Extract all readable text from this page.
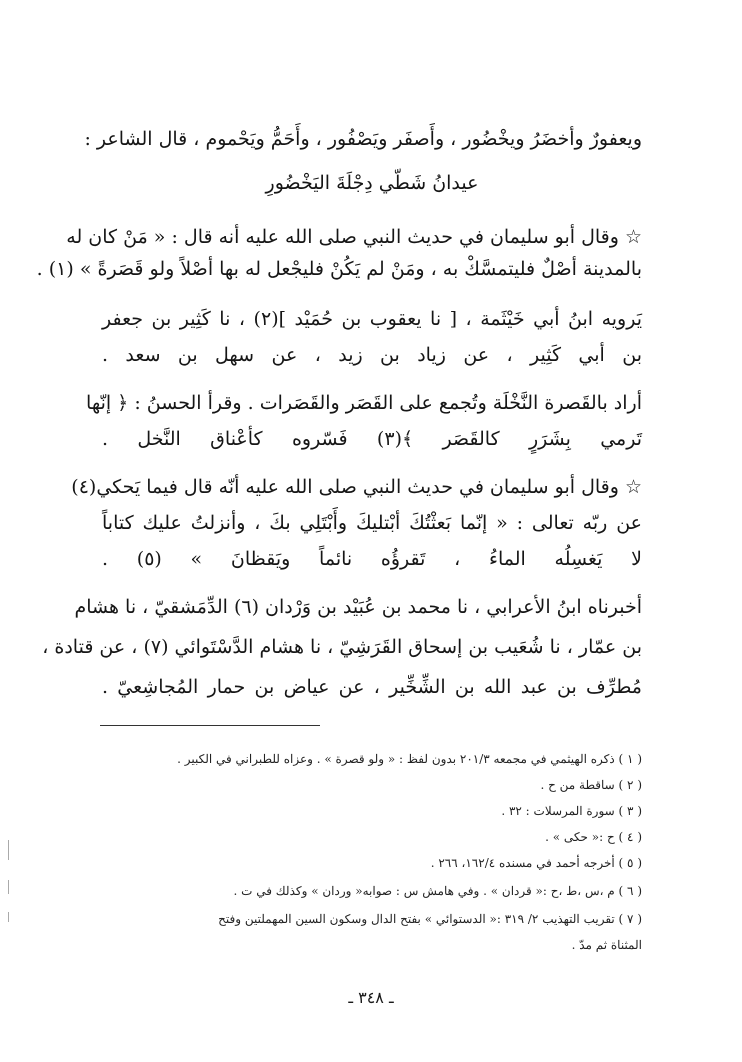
ويعفورٌ وأخضَرُ ويخْضُور ، وأَصفَر ويَصْفُور ، وأَحَمُّ ويَحْموم ، قال الشاعر :
عيدانُ شَطّي دِجْلَةَ اليَخْضُورِ
☆ وقال أبو سليمان في حديث النبي صلى الله عليه أنه قال : « مَنْ كان له
بالمدينة أصْلٌ فليتمسَّكْ به ، ومَنْ لم يَكُنْ فليجْعل له بها أصْلاً ولو قَصَرةً » (١) .
يَرويه ابنُ أبي خَيْثَمة ، [ نا يعقوب بن حُمَيْد ](٢) ، نا كَثِير بن جعفر
بن أبي كَثِير ، عن زياد بن زيد ، عن سهل بن سعد .
أراد بالقَصرة النَّخْلَة وتُجمع على القَصَر والقَصَرات . وقرأ الحسنُ : ﴿ إنّها
تَرمي بِشَرَرٍ كالقَصَر ﴾(٣) فَسّروه كأعْناق النَّخل .
☆ وقال أبو سليمان في حديث النبي صلى الله عليه أنّه قال فيما يَحكي(٤)
عن ربّه تعالى : « إنّما بَعثْتُكَ أبْتليكَ وأَبْتَلِي بكَ ، وأنزلتُ عليك كتاباً
لا يَغسِلُه الماءُ ، تَقرؤُه نائماً ويَقظانَ » (٥) .
أخبرناه ابنُ الأعرابي ، نا محمد بن عُبَيْد بن وَرْدان (٦) الدِّمَشقيّ ، نا هشام
بن عمّار ، نا شُعَيب بن إسحاق القَرَشِيّ ، نا هشام الدَّسْتَوائي (٧) ، عن قتادة ،
مُطرِّف بن عبد الله بن الشِّخِّير ، عن عياض بن حمار المُجاشِعيّ .
( ١ ) ذكره الهيثمي في مجمعه ٢٠١/٣ بدون لفظ : « ولو قصرة » . وعزاه للطبراني في الكبير .
( ٢ ) ساقطة من ح .
( ٣ ) سورة المرسلات : ٣٢ .
( ٤ ) ح :« حكى » .
( ٥ ) أخرجه أحمد في مسنده ١٦٢/٤، ٢٦٦ .
( ٦ ) م ،س ،ط ،ح :« قردان » . وفي هامش س : صوابه« وردان » وكذلك في ت .
( ٧ ) تقريب التهذيب ٢/ ٣١٩ :« الدستوائي » بفتح الدال وسكون السين المهملتين وفتح
المثناة ثم مدّ .
ـ ٣٤٨ ـ
